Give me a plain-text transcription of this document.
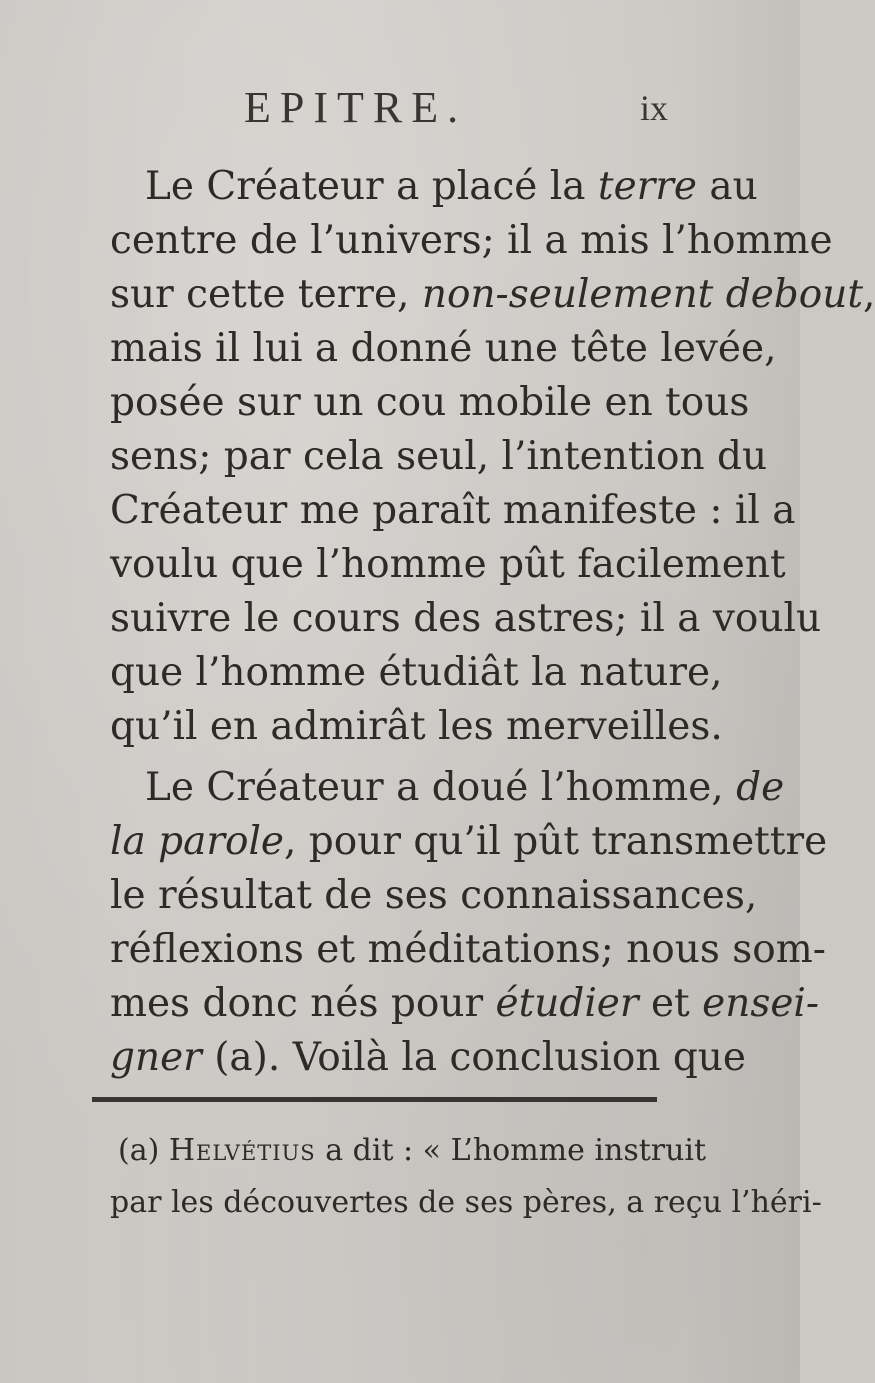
EPITRE.	ix
Le Créateur a placé la terre au
centre de l’univers; il a mis l’homme
sur cette terre, non-seulement debout,
mais il lui a donné une tête levée,
posée sur un cou mobile en tous
sens; par cela seul, l’intention du
Créateur me paraît manifeste : il a
voulu que l’homme pût facilement
suivre le cours des astres; il a voulu
que l’homme étudiât la nature,
qu’il en admirât les merveilles.
Le Créateur a doué l’homme, de
la parole, pour qu’il pût transmettre
le résultat de ses connaissances,
réflexions et méditations; nous som-
mes donc nés pour étudier et ensei-
gner (a). Voilà la conclusion que
(a) Helvétius a dit : « L’homme instruit
par les découvertes de ses pères, a reçu l’héri-
